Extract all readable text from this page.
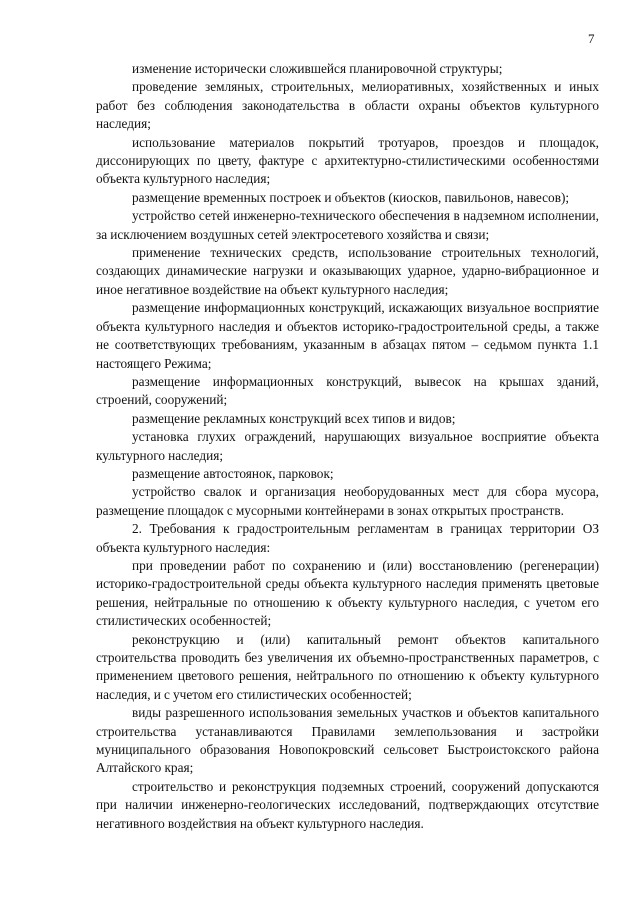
7

изменение исторически сложившейся планировочной структуры;

проведение земляных, строительных, мелиоративных, хозяйственных и иных работ без соблюдения законодательства в области охраны объектов культурного наследия;

использование материалов покрытий тротуаров, проездов и площадок, диссонирующих по цвету, фактуре с архитектурно-стилистическими особенностями объекта культурного наследия;

размещение временных построек и объектов (киосков, павильонов, навесов);

устройство сетей инженерно-технического обеспечения в надземном исполнении, за исключением воздушных сетей электросетевого хозяйства и связи;

применение технических средств, использование строительных технологий, создающих динамические нагрузки и оказывающих ударное, ударно-вибрационное и иное негативное воздействие на объект культурного наследия;

размещение информационных конструкций, искажающих визуальное восприятие объекта культурного наследия и объектов историко-градостроительной среды, а также не соответствующих требованиям, указанным в абзацах пятом – седьмом пункта 1.1 настоящего Режима;

размещение информационных конструкций, вывесок на крышах зданий, строений, сооружений;

размещение рекламных конструкций всех типов и видов;

установка глухих ограждений, нарушающих визуальное восприятие объекта культурного наследия;

размещение автостоянок, парковок;

устройство свалок и организация необорудованных мест для сбора мусора, размещение площадок с мусорными контейнерами в зонах открытых пространств.

2. Требования к градостроительным регламентам в границах территории ОЗ объекта культурного наследия:

при проведении работ по сохранению и (или) восстановлению (регенерации) историко-градостроительной среды объекта культурного наследия применять цветовые решения, нейтральные по отношению к объекту культурного наследия, с учетом его стилистических особенностей;

реконструкцию и (или) капитальный ремонт объектов капитального строительства проводить без увеличения их объемно-пространственных параметров, с применением цветового решения, нейтрального по отношению к объекту культурного наследия, и с учетом его стилистических особенностей;

виды разрешенного использования земельных участков и объектов капитального строительства устанавливаются Правилами землепользования и застройки муниципального образования Новопокровский сельсовет Быстроистокского района Алтайского края;

строительство и реконструкция подземных строений, сооружений допускаются при наличии инженерно-геологических исследований, подтверждающих отсутствие негативного воздействия на объект культурного наследия.
